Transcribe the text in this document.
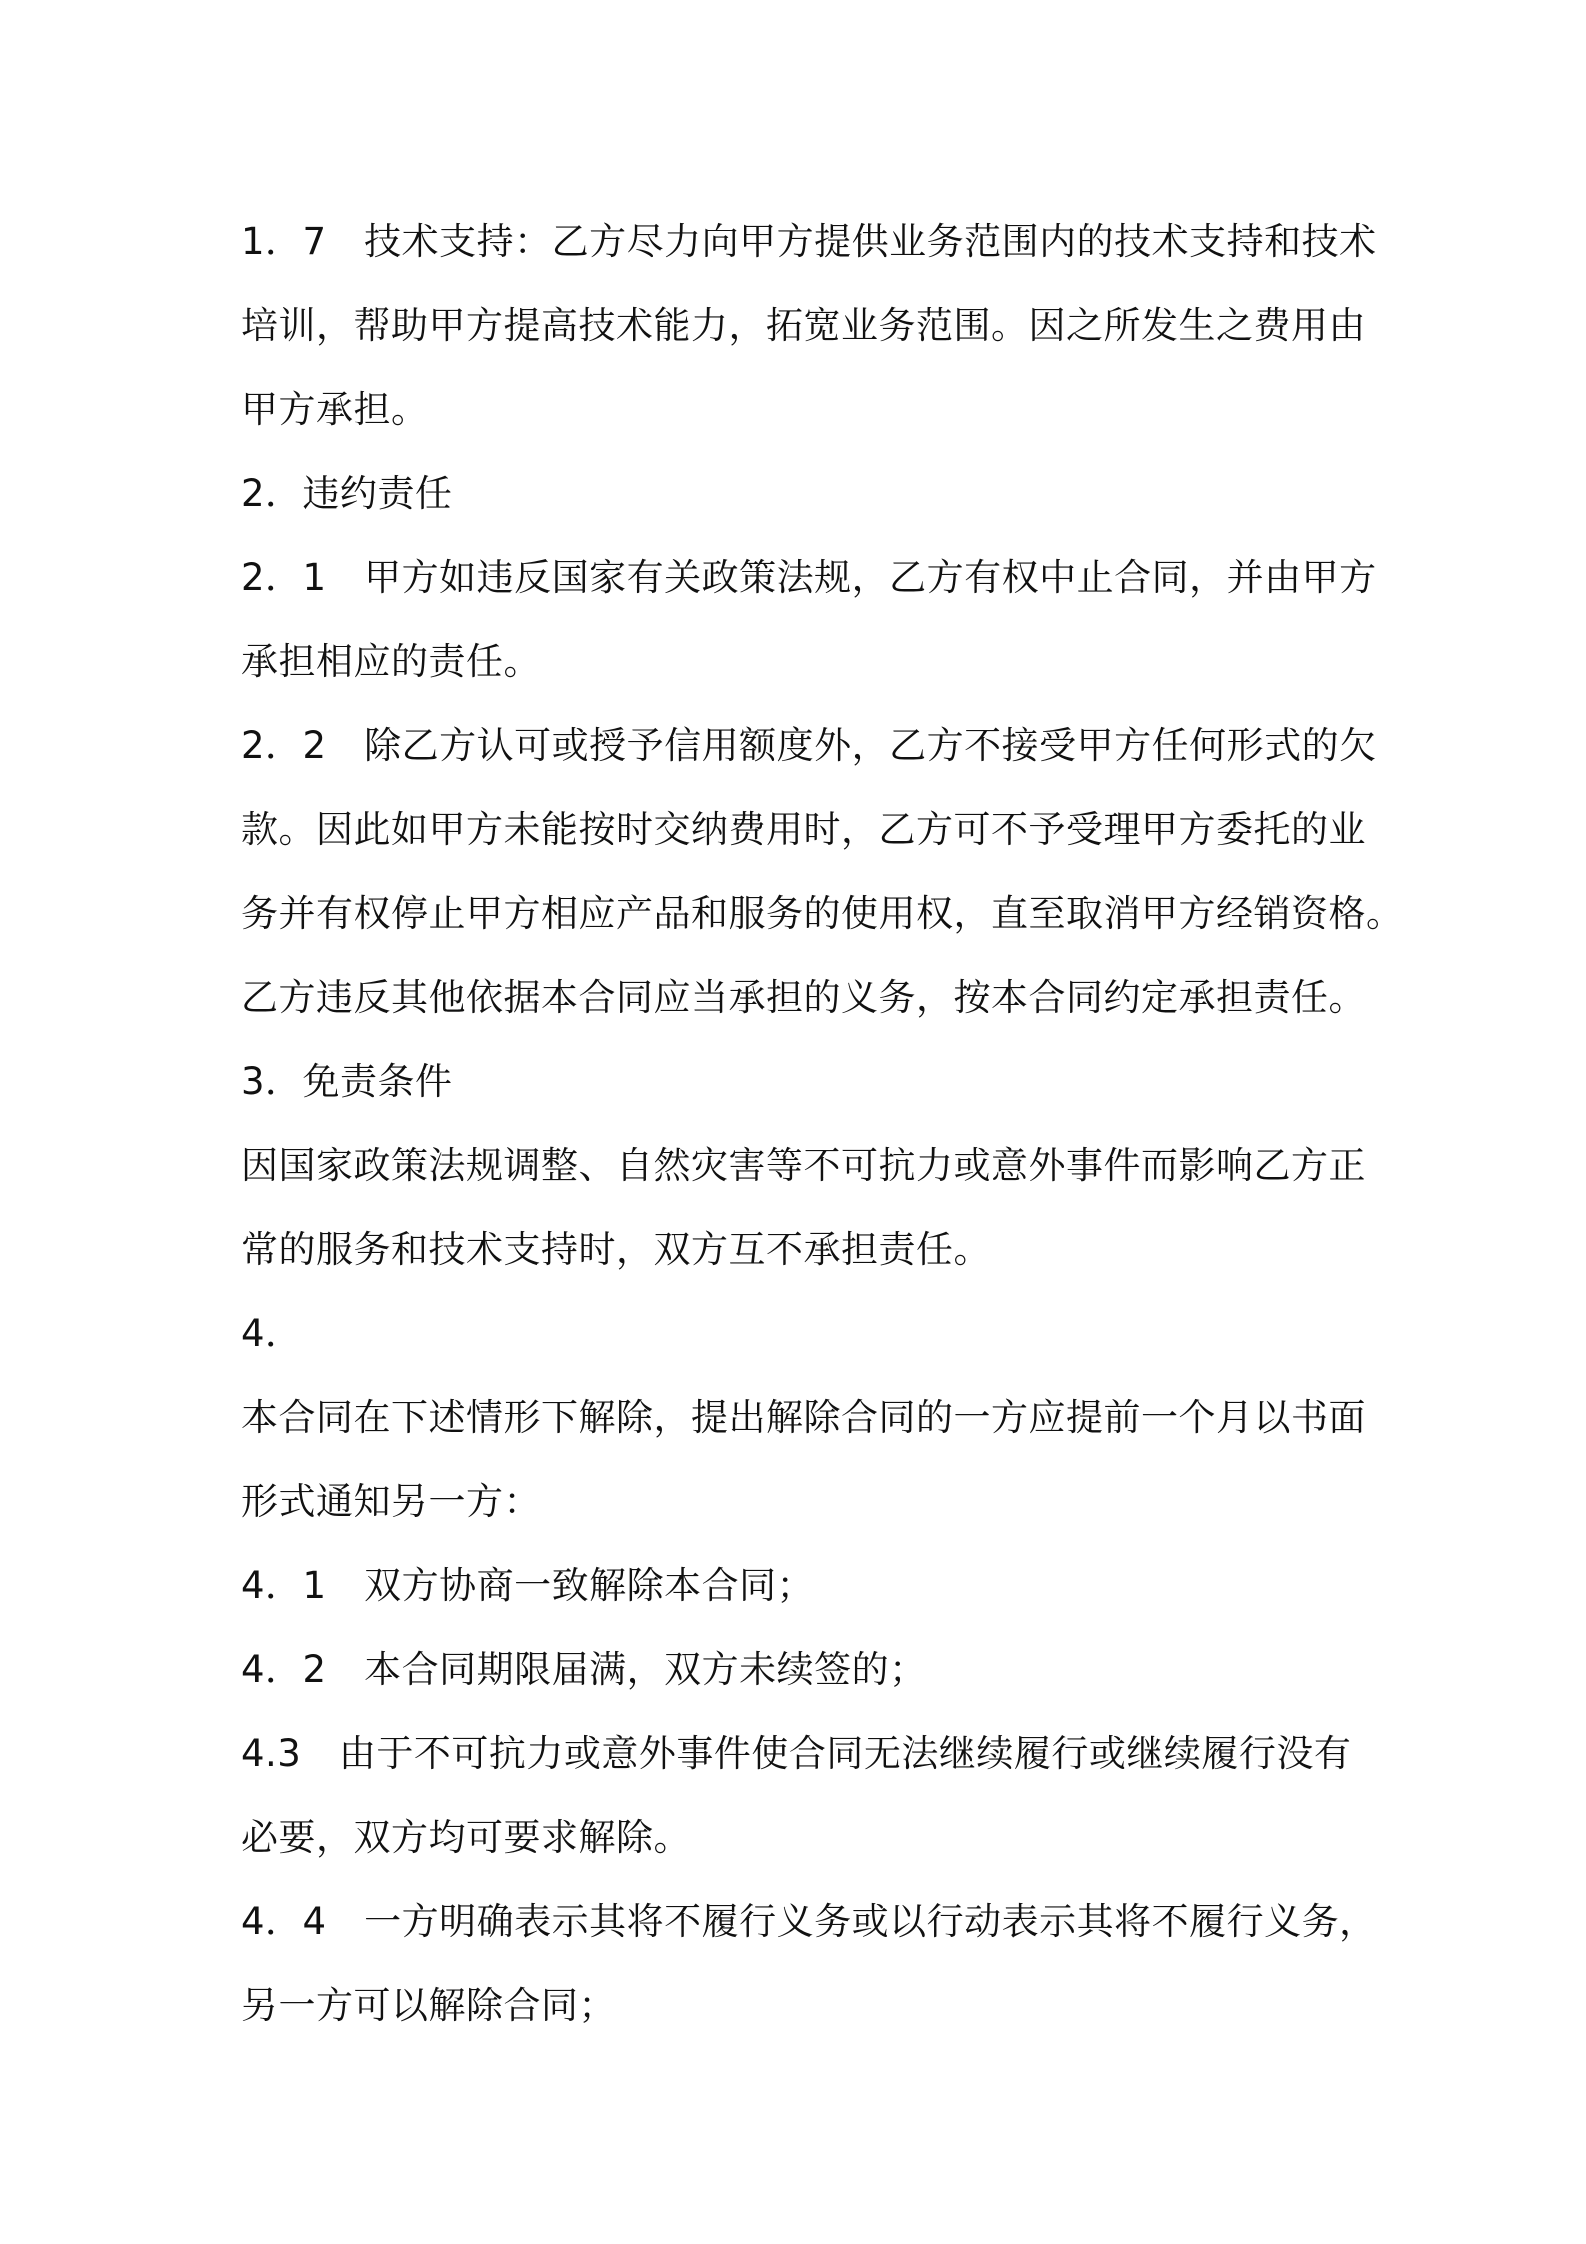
1．7　技术支持：乙方尽力向甲方提供业务范围内的技术支持和技术
培训，帮助甲方提高技术能力，拓宽业务范围。因之所发生之费用由
甲方承担。
2．违约责任
2．1　甲方如违反国家有关政策法规，乙方有权中止合同，并由甲方
承担相应的责任。
2．2　除乙方认可或授予信用额度外，乙方不接受甲方任何形式的欠
款。因此如甲方未能按时交纳费用时，乙方可不予受理甲方委托的业
务并有权停止甲方相应产品和服务的使用权，直至取消甲方经销资格。
乙方违反其他依据本合同应当承担的义务，按本合同约定承担责任。
3．免责条件
因国家政策法规调整、自然灾害等不可抗力或意外事件而影响乙方正
常的服务和技术支持时，双方互不承担责任。
4．
本合同在下述情形下解除，提出解除合同的一方应提前一个月以书面
形式通知另一方：
4．1　双方协商一致解除本合同；
4．2　本合同期限届满，双方未续签的；
4.3　由于不可抗力或意外事件使合同无法继续履行或继续履行没有
必要，双方均可要求解除。
4．4　一方明确表示其将不履行义务或以行动表示其将不履行义务，
另一方可以解除合同；
